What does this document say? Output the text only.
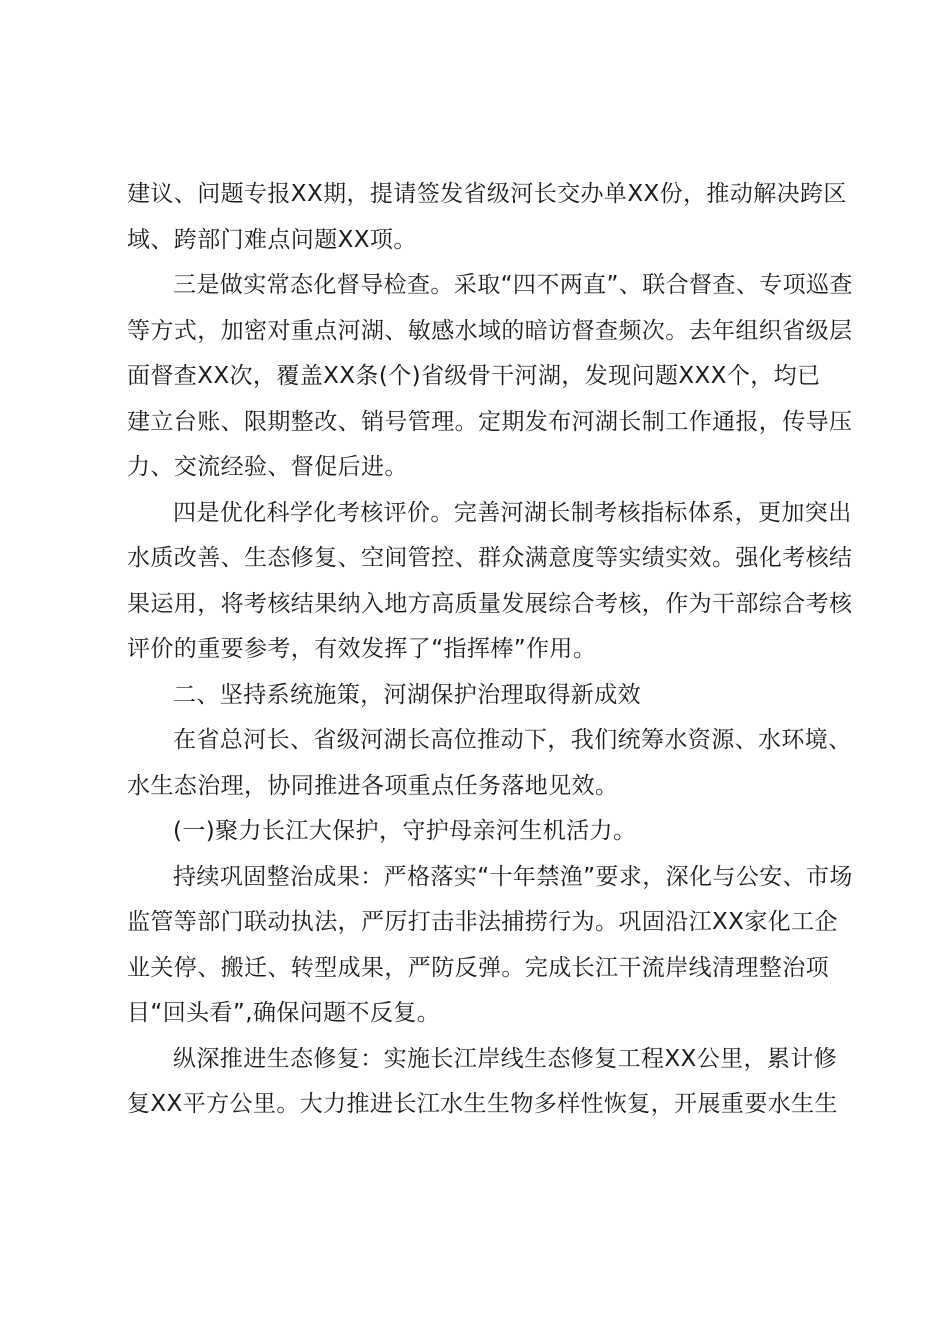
建议、问题专报XX期，提请签发省级河长交办单XX份，推动解决跨区
域、跨部门难点问题XX项。
三是做实常态化督导检查。采取“四不两直”、联合督查、专项巡查
等方式，加密对重点河湖、敏感水域的暗访督查频次。去年组织省级层
面督查XX次，覆盖XX条(个)省级骨干河湖，发现问题XXX个，均已
建立台账、限期整改、销号管理。定期发布河湖长制工作通报，传导压
力、交流经验、督促后进。
四是优化科学化考核评价。完善河湖长制考核指标体系，更加突出
水质改善、生态修复、空间管控、群众满意度等实绩实效。强化考核结
果运用，将考核结果纳入地方高质量发展综合考核，作为干部综合考核
评价的重要参考，有效发挥了“指挥棒”作用。
二、坚持系统施策，河湖保护治理取得新成效
在省总河长、省级河湖长高位推动下，我们统筹水资源、水环境、
水生态治理，协同推进各项重点任务落地见效。
(一)聚力长江大保护，守护母亲河生机活力。
持续巩固整治成果：严格落实“十年禁渔”要求，深化与公安、市场
监管等部门联动执法，严厉打击非法捕捞行为。巩固沿江XX家化工企
业关停、搬迁、转型成果，严防反弹。完成长江干流岸线清理整治项
目“回头看”,确保问题不反复。
纵深推进生态修复：实施长江岸线生态修复工程XX公里，累计修
复XX平方公里。大力推进长江水生生物多样性恢复，开展重要水生生
